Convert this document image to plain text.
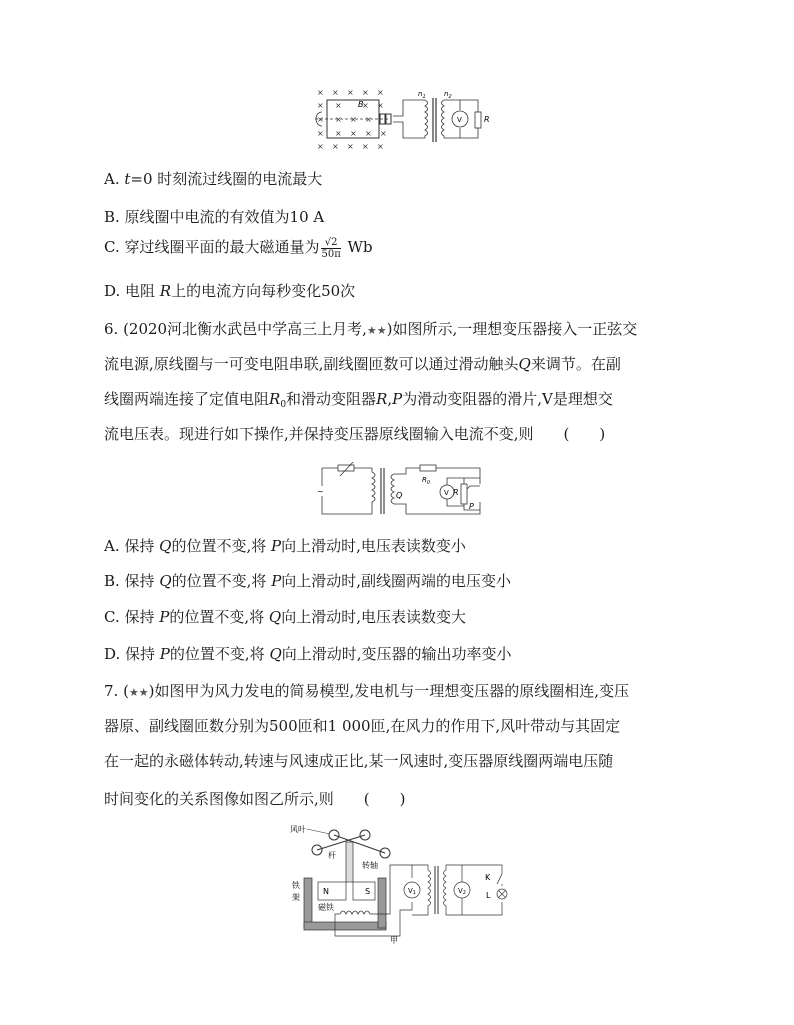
× × × × ×
× ×	× ×
× × × ×
× × × × ×
× × × × ×
B
$n_1$	$n_2$
V	R
A. t=0 时刻流过线圈的电流最大
B. 原线圈中电流的有效值为10 A
C. 穿过线圈平面的最大磁通量为 $\frac{√2}{50\pi}$ Wb
D. 电阻 R上的电流方向每秒变化50次
6. (2020河北衡水武邑中学高三上月考,★★)如图所示,一理想变压器接入一正弦交
流电源,原线圈与一可变电阻串联,副线圈匝数可以通过滑动触头Q来调节。在副
线圈两端连接了定值电阻$R_0$和滑动变阻器R,P为滑动变阻器的滑片,V是理想交
流电压表。现进行如下操作,并保持变压器原线圈输入电流不变,则　　(　　)
~	Q
$R_0$
V R
P
A. 保持 Q的位置不变,将 P向上滑动时,电压表读数变小
B. 保持 Q的位置不变,将 P向上滑动时,副线圈两端的电压变小
C. 保持 P的位置不变,将 Q向上滑动时,电压表读数变大
D. 保持 P的位置不变,将 Q向上滑动时,变压器的输出功率变小
7. (★★)如图甲为风力发电的简易模型,发电机与一理想变压器的原线圈相连,变压
器原、副线圈匝数分别为500匝和1 000匝,在风力的作用下,风叶带动与其固定
在一起的永磁体转动,转速与风速成正比,某一风速时,变压器原线圈两端电压随
时间变化的关系图像如图乙所示,则　　(　　)
风叶
杆
转轴
铁
架
N	S
磁铁
甲
V1	V2
K
L
